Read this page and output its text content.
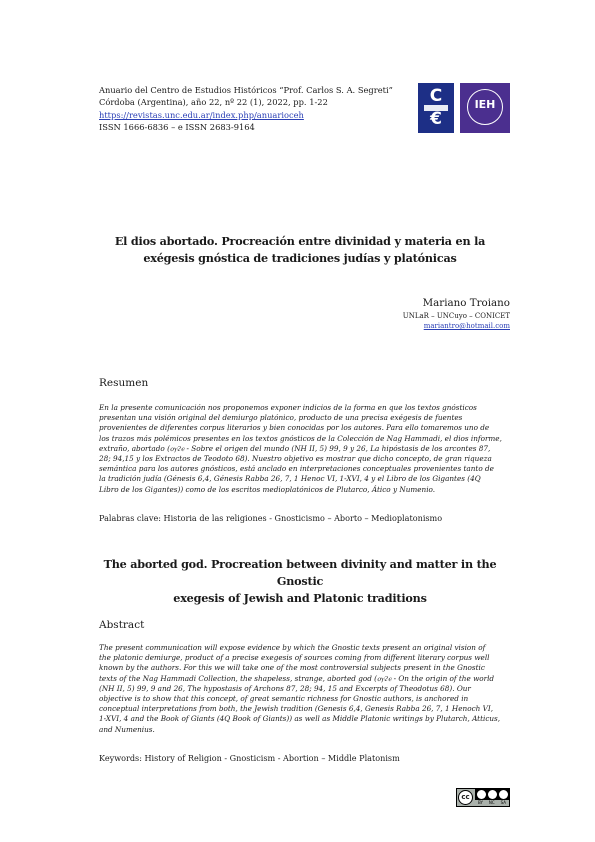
Anuario del Centro de Estudios Históricos “Prof. Carlos S. A. Segreti”
Córdoba (Argentina), año 22, nº 22 (1), 2022, pp. 1-22
https://revistas.unc.edu.ar/index.php/anuarioceh
ISSN 1666-6836 – e ISSN 2683-9164
C
€
IEH
El dios abortado. Procreación entre divinidad y materia en la
exégesis gnóstica de tradiciones judías y platónicas
Mariano Troiano
UNLaR – UNCuyo – CONICET
mariantro@hotmail.com
Resumen
En la presente comunicación nos proponemos exponer indicios de la forma en que los textos gnósticos
presentan una visión original del demiurgo platónico, producto de una precisa exégesis de fuentes
provenientes de diferentes corpus literarios y bien conocidas por los autores. Para ello tomaremos uno de
los trazos más polémicos presentes en los textos gnósticos de la Colección de Nag Hammadi, el dios informe,
extraño, abortado (ⲟⲩϩⲉ - Sobre el origen del mundo (NH II, 5) 99, 9 y 26, La hipóstasis de los arcontes 87,
28; 94,15 y los Extractos de Teodoto 68). Nuestro objetivo es mostrar que dicho concepto, de gran riqueza
semántica para los autores gnósticos, está anclado en interpretaciones conceptuales provenientes tanto de
la tradición judía (Génesis 6,4, Génesis Rabba 26, 7, 1 Henoc VI, 1-XVI, 4 y el Libro de los Gigantes (4Q
Libro de los Gigantes)) como de los escritos medioplatónicos de Plutarco, Ático y Numenio.
Palabras clave: Historia de las religiones - Gnosticismo – Aborto – Medioplatonismo
The aborted god. Procreation between divinity and matter in the Gnostic
exegesis of Jewish and Platonic traditions
Abstract
The present communication will expose evidence by which the Gnostic texts present an original vision of
the platonic demiurge, product of a precise exegesis of sources coming from different literary corpus well
known by the authors. For this we will take one of the most controversial subjects present in the Gnostic
texts of the Nag Hammadi Collection, the shapeless, strange, aborted god (ⲟⲩϩⲉ - On the origin of the world
(NH II, 5) 99, 9 and 26, The hypostasis of Archons 87, 28; 94, 15 and Excerpts of Theodotus 68). Our
objective is to show that this concept, of great semantic richness for Gnostic authors, is anchored in
conceptual interpretations from both, the Jewish tradition (Genesis 6,4, Genesis Rabba 26, 7, 1 Henoch VI,
1-XVI, 4 and the Book of Giants (4Q Book of Giants)) as well as Middle Platonic writings by Plutarch, Atticus,
and Numenius.
Keywords: History of Religion - Gnosticism - Abortion – Middle Platonism
cc
BY NC SA
